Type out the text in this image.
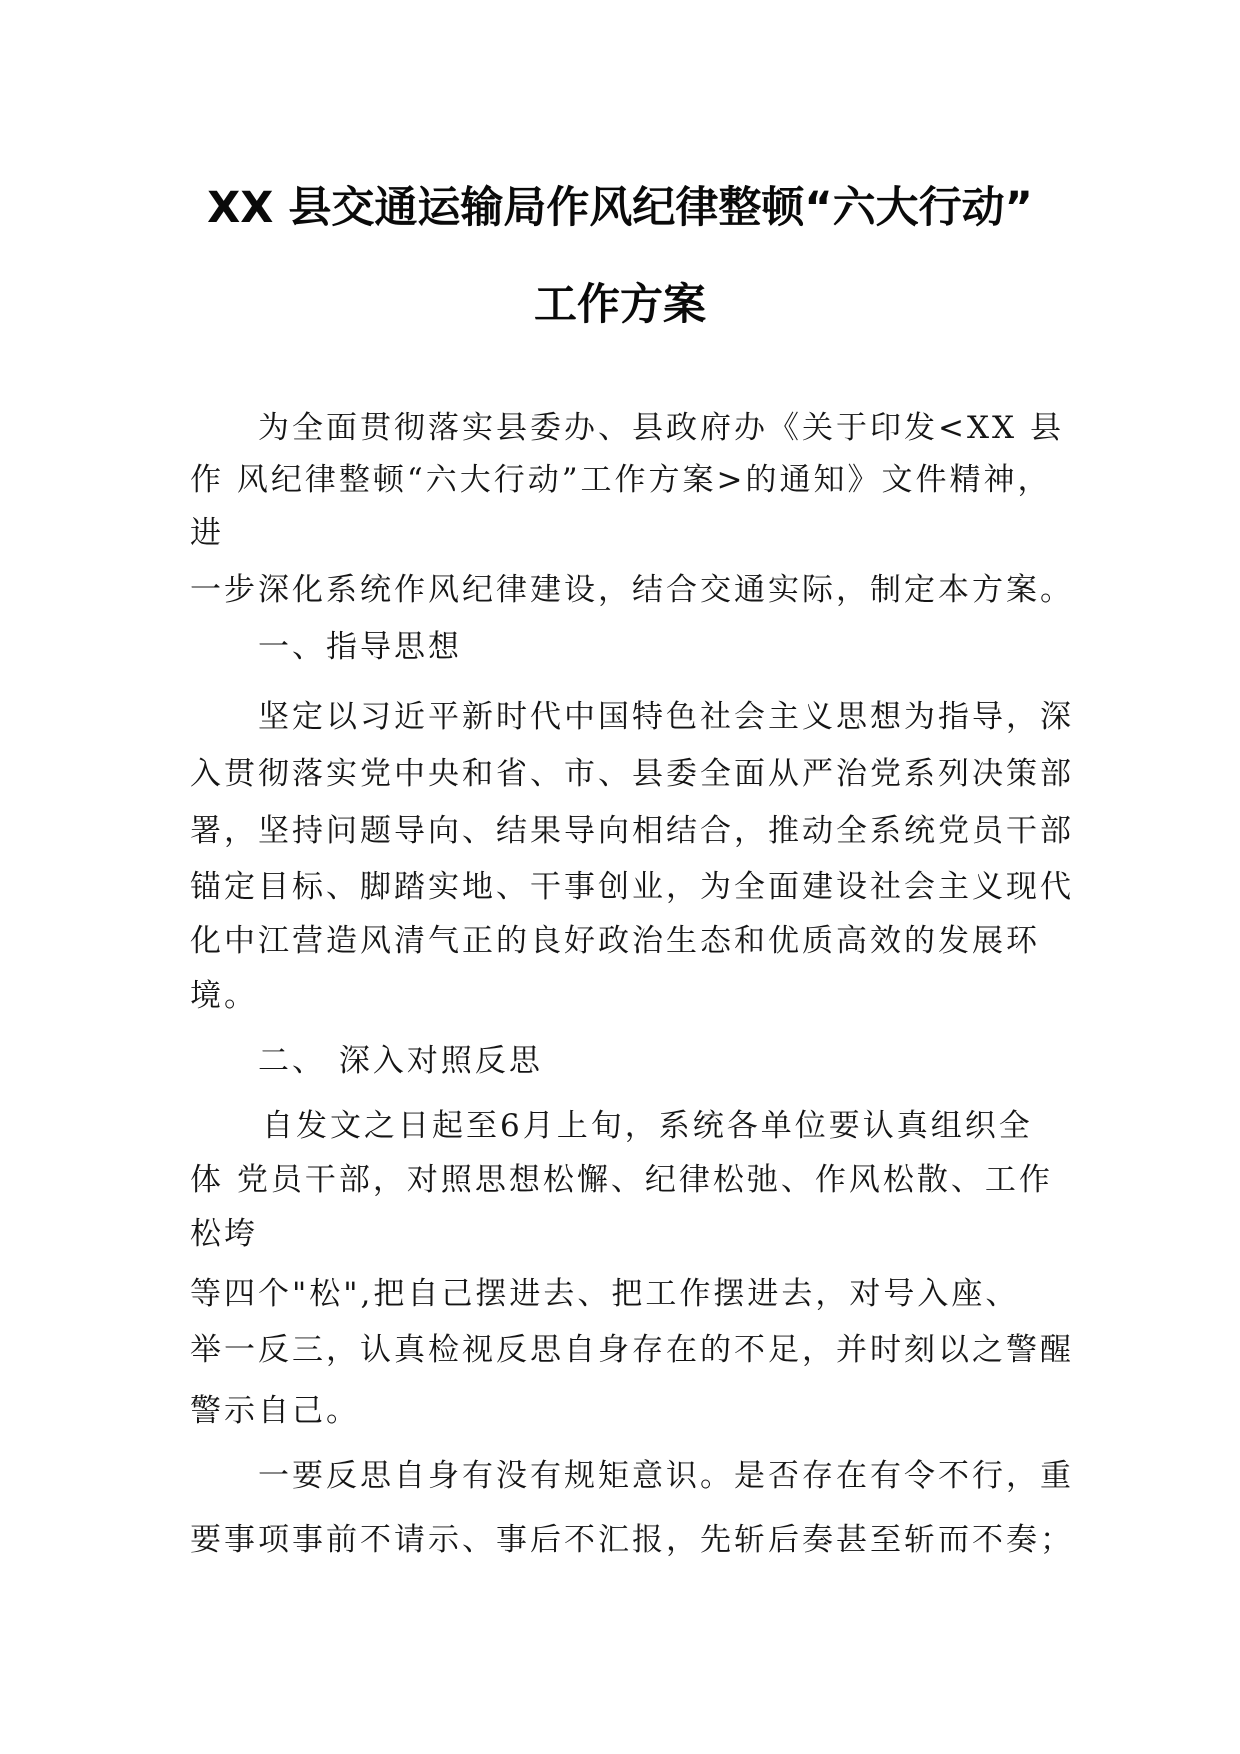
XX 县交通运输局作风纪律整顿“六大行动”
工作方案

为全面贯彻落实县委办、县政府办《关于印发<XX 县

作 风纪律整顿“六大行动”工作方案>的通知》文件精神，

进

一步深化系统作风纪律建设，结合交通实际，制定本方案。

一、指导思想

坚定以习近平新时代中国特色社会主义思想为指导，深

入贯彻落实党中央和省、市、县委全面从严治党系列决策部

署，坚持问题导向、结果导向相结合，推动全系统党员干部

锚定目标、脚踏实地、干事创业，为全面建设社会主义现代

化中江营造风清气正的良好政治生态和优质高效的发展环

境。

二、 深入对照反思

自发文之日起至6月上旬，系统各单位要认真组织全

体 党员干部，对照思想松懈、纪律松弛、作风松散、工作

松垮

等四个"松",把自己摆进去、把工作摆进去，对号入座、

举一反三，认真检视反思自身存在的不足，并时刻以之警醒

警示自己。

一要反思自身有没有规矩意识。是否存在有令不行，重

要事项事前不请示、事后不汇报，先斩后奏甚至斩而不奏；
